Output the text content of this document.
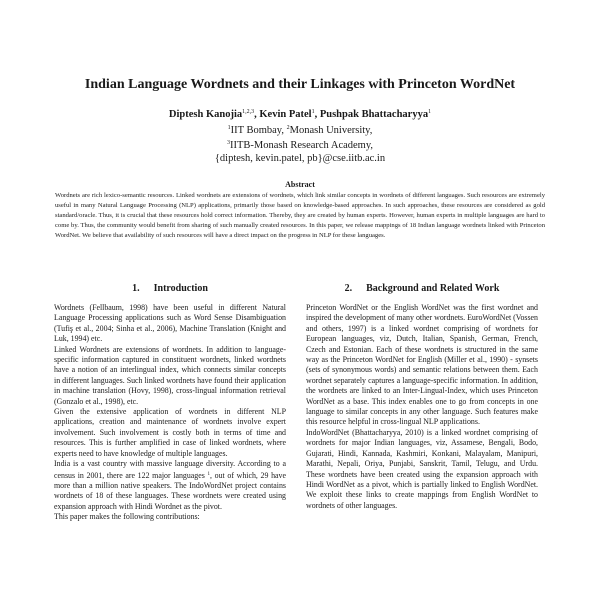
Indian Language Wordnets and their Linkages with Princeton WordNet
Diptesh Kanojia$^{1,2,3}$, Kevin Patel$^1$, Pushpak Bhattacharyya$^1$
$^1$IIT Bombay, $^2$Monash University,
$^3$IITB-Monash Research Academy,
{diptesh, kevin.patel, pb}@cse.iitb.ac.in
Abstract

Wordnets are rich lexico-semantic resources. Linked wordnets are extensions of wordnets, which link similar concepts in wordnets of different languages. Such resources are extremely useful in many Natural Language Processing (NLP) applications, primarily those based on knowledge-based approaches. In such approaches, these resources are considered as gold standard/oracle. Thus, it is crucial that these resources hold correct information. Thereby, they are created by human experts. However, human experts in multiple languages are hard to come by. Thus, the community would benefit from sharing of such manually created resources. In this paper, we release mappings of 18 Indian language wordnets linked with Princeton WordNet. We believe that availability of such resources will have a direct impact on the progress in NLP for these languages.

1. Introduction

Wordnets (Fellbaum, 1998) have been useful in different Natural Language Processing applications such as Word Sense Disambiguation (Tufiş et al., 2004; Sinha et al., 2006), Machine Translation (Knight and Luk, 1994) etc.

Linked Wordnets are extensions of wordnets. In addition to language-specific information captured in constituent wordnets, linked wordnets have a notion of an interlingual index, which connects similar concepts in different languages. Such linked wordnets have found their application in machine translation (Hovy, 1998), cross-lingual information retrieval (Gonzalo et al., 1998), etc.

Given the extensive application of wordnets in different NLP applications, creation and maintenance of wordnets involve expert involvement. Such involvement is costly both in terms of time and resources. This is further amplified in case of linked wordnets, where experts need to have knowledge of multiple languages.

India is a vast country with massive language diversity. According to a census in 2001, there are 122 major languages $^1$, out of which, 29 have more than a million native speakers. The IndoWordNet project contains wordnets of 18 of these languages. These wordnets were created using expansion approach with Hindi Wordnet as the pivot.

This paper makes the following contributions:

2. Background and Related Work

Princeton WordNet or the English WordNet was the first wordnet and inspired the development of many other wordnets. EuroWordNet (Vossen and others, 1997) is a linked wordnet comprising of wordnets for European languages, viz, Dutch, Italian, Spanish, German, French, Czech and Estonian. Each of these wordnets is structured in the same way as the Princeton WordNet for English (Miller et al., 1990) - synsets (sets of synonymous words) and semantic relations between them. Each wordnet separately captures a language-specific information. In addition, the wordnets are linked to an Inter-Lingual-Index, which uses Princeton WordNet as a base. This index enables one to go from concepts in one language to similar concepts in any other language. Such features make this resource helpful in cross-lingual NLP applications.

IndoWordNet (Bhattacharyya, 2010) is a linked wordnet comprising of wordnets for major Indian languages, viz, Assamese, Bengali, Bodo, Gujarati, Hindi, Kannada, Kashmiri, Konkani, Malayalam, Manipuri, Marathi, Nepali, Oriya, Punjabi, Sanskrit, Tamil, Telugu, and Urdu. These wordnets have been created using the expansion approach with Hindi WordNet as a pivot, which is partially linked to English WordNet. We exploit these links to create mappings from English WordNet to wordnets of other languages.
